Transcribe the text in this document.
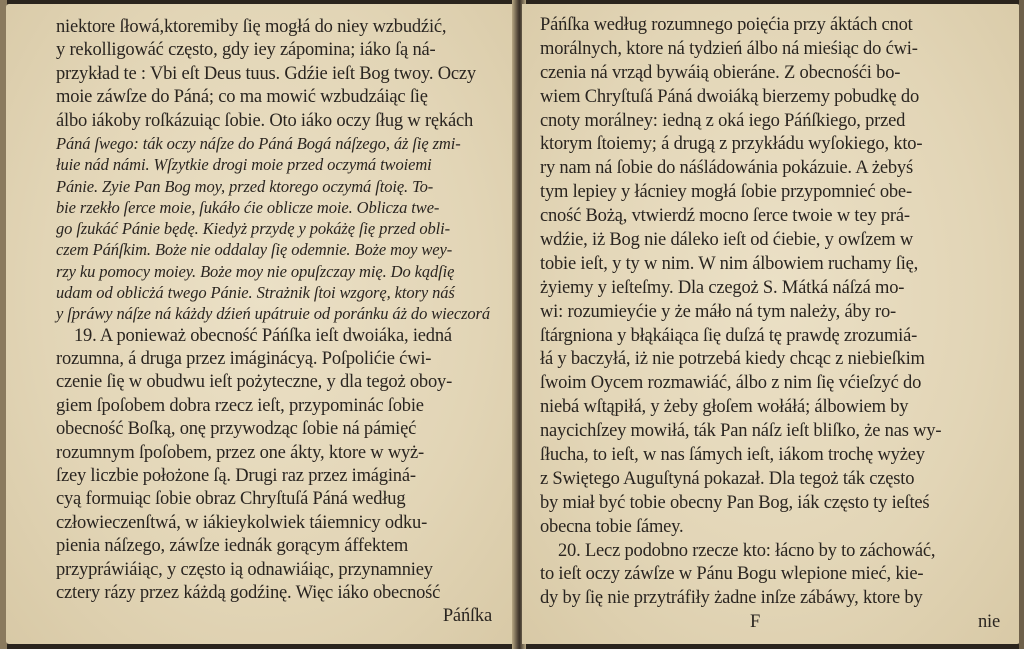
niektore ſłowá,ktoremiby ſię mogłá do niey wzbudźić,
y rekolligowáć często, gdy iey zápomina; iáko ſą ná-
przykład te : Vbi eſt Deus tuus. Gdźie ieſt Bog twoy. Oczy
moie záwſze do Páná; co ma mowić wzbudzáiąc ſię
álbo iákoby roſkázuiąc ſobie. Oto iáko oczy ſług w rękách
Páná ſwego: ták oczy náſze do Páná Bogá náſzego, áż ſię zmi-
łuie nád námi. Wſzytkie drogi moie przed oczymá twoiemi
Pánie. Zyie Pan Bog moy, przed ktorego oczymá ſtoię. To-
bie rzekło ſerce moie, ſukáło ćie oblicze moie. Oblicza twe-
go ſzukáć Pánie będę. Kiedyż przydę y pokáżę ſię przed obli-
czem Páńſkim. Boże nie oddalay ſię odemnie. Boże moy wey-
rzy ku pomocy moiey. Boże moy nie opuſzczay mię. Do kądſię
udam od oblicżá twego Pánie. Strażnik ſtoi wzgorę, ktory náś
y ſpráwy náſze ná káżdy dźień upátruie od poránku áż do wieczorá
19. A ponieważ obecność Páńſka ieſt dwoiáka, iedná
rozumna, á druga przez imáginácyą. Poſpolićie ćwi-
czenie ſię w obudwu ieſt pożyteczne, y dla tegoż oboy-
giem ſpoſobem dobra rzecz ieſt, przypominác ſobie
obecność Boſką, onę przywodząc ſobie ná pámięć
rozumnym ſpoſobem, przez one ákty, ktore w wyż-
ſzey liczbie położone ſą. Drugi raz przez imáginá-
cyą formuiąc ſobie obraz Chryſtuſá Páná według
człowieczenſtwá, w iákieykolwiek táiemnicy odku-
pienia náſzego, záwſze iednák gorącym áffektem
przypráwiáiąc, y często ią odnawiáiąc, przynamniey
cztery rázy przez káżdą godźinę. Więc iáko obecność
Páńſka
Páńſka według rozumnego poięćia przy áktách cnot
morálnych, ktore ná tydzień álbo ná mieśiąc do ćwi-
czenia ná vrząd bywáią obieráne. Z obecnośći bo-
wiem Chryſtuſá Páná dwoiáką bierzemy pobudkę do
cnoty morálney: iedną z oká iego Páńſkiego, przed
ktorym ſtoiemy; á drugą z przykłádu wyſokiego, kto-
ry nam ná ſobie do náśládowánia pokázuie. A żebyś
tym lepiey y łácniey mogłá ſobie przypomnieć obe-
cność Bożą, vtwierdź mocno ſerce twoie w tey prá-
wdźie, iż Bog nie dáleko ieſt od ćiebie, y owſzem w
tobie ieſt, y ty w nim. W nim álbowiem ruchamy ſię,
żyiemy y ieſteſmy. Dla czegoż S. Mátká náſzá mo-
wi: rozumieyćie y że máło ná tym należy, áby ro-
ſtárgniona y błąkáiąca ſię duſzá tę prawdę zrozumiá-
łá y baczyłá, iż nie potrzebá kiedy chcąc z niebieſkim
ſwoim Oycem rozmawiáć, álbo z nim ſię vćieſzyć do
niebá wſtąpiłá, y żeby głoſem wołáłá; álbowiem by
naycichſzey mowiłá, ták Pan náſz ieſt bliſko, że nas wy-
ſłucha, to ieſt, w nas ſámych ieſt, iákom trochę wyżey
z Swiętego Auguſtyná pokazał. Dla tegoż ták często
by miał być tobie obecny Pan Bog, iák często ty ieſteś
obecna tobie ſámey.
20. Lecz podobno rzecze kto: łácno by to záchowáć,
to ieſt oczy záwſze w Pánu Bogu wlepione mieć, kie-
dy by ſię nie przytráfiły żadne inſze zábáwy, ktore by
F	nie
